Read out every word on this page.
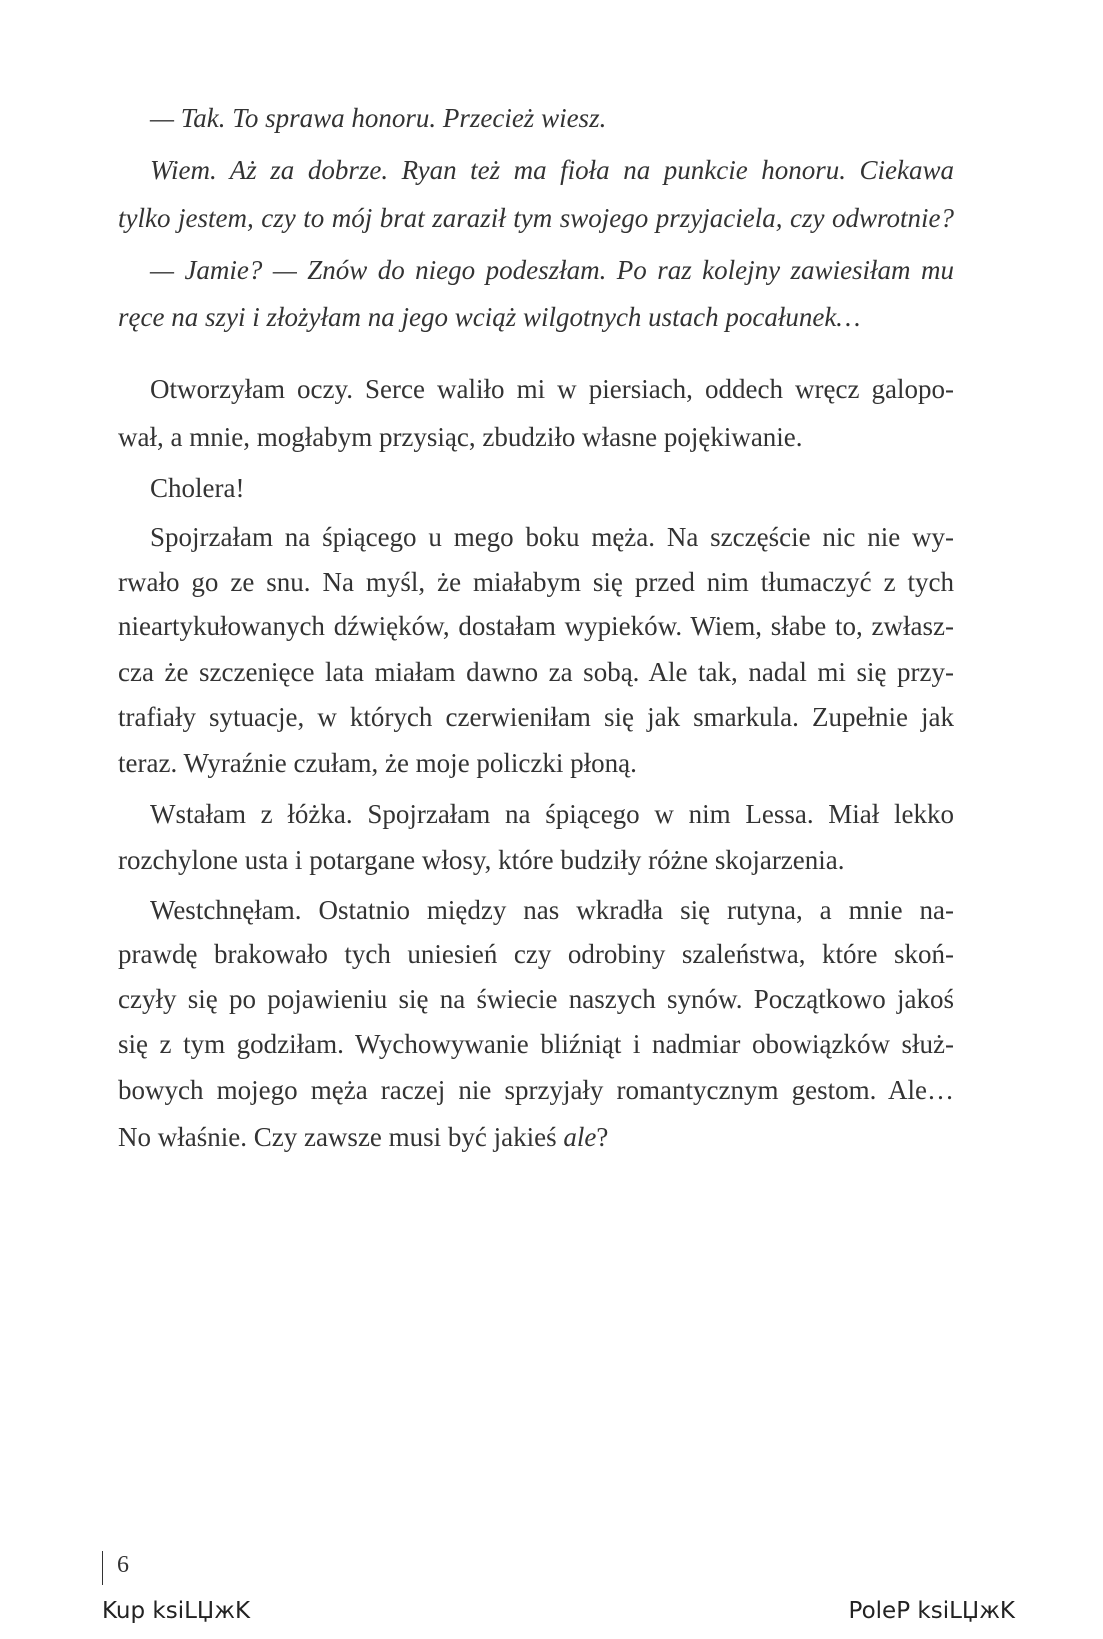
— Tak. To sprawa honoru. Przecież wiesz.
Wiem. Aż za dobrze. Ryan też ma fioła na punkcie honoru. Ciekawa
tylko jestem, czy to mój brat zaraził tym swojego przyjaciela, czy odwrotnie?
— Jamie? — Znów do niego podeszłam. Po raz kolejny zawiesiłam mu
ręce na szyi i złożyłam na jego wciąż wilgotnych ustach pocałunek…
Otworzyłam oczy. Serce waliło mi w piersiach, oddech wręcz galopo-
wał, a mnie, mogłabym przysiąc, zbudziło własne pojękiwanie.
Cholera!
Spojrzałam na śpiącego u mego boku męża. Na szczęście nic nie wy-
rwało go ze snu. Na myśl, że miałabym się przed nim tłumaczyć z tych
nieartykułowanych dźwięków, dostałam wypieków. Wiem, słabe to, zwłasz-
cza że szczenięce lata miałam dawno za sobą. Ale tak, nadal mi się przy-
trafiały sytuacje, w których czerwieniłam się jak smarkula. Zupełnie jak
teraz. Wyraźnie czułam, że moje policzki płoną.
Wstałam z łóżka. Spojrzałam na śpiącego w nim Lessa. Miał lekko
rozchylone usta i potargane włosy, które budziły różne skojarzenia.
Westchnęłam. Ostatnio między nas wkradła się rutyna, a mnie na-
prawdę brakowało tych uniesień czy odrobiny szaleństwa, które skoń-
czyły się po pojawieniu się na świecie naszych synów. Początkowo jakoś
się z tym godziłam. Wychowywanie bliźniąt i nadmiar obowiązków służ-
bowych mojego męża raczej nie sprzyjały romantycznym gestom. Ale…
No właśnie. Czy zawsze musi być jakieś ale?
6
Kup ksiLЏжK	PoleP ksiLЏжK
